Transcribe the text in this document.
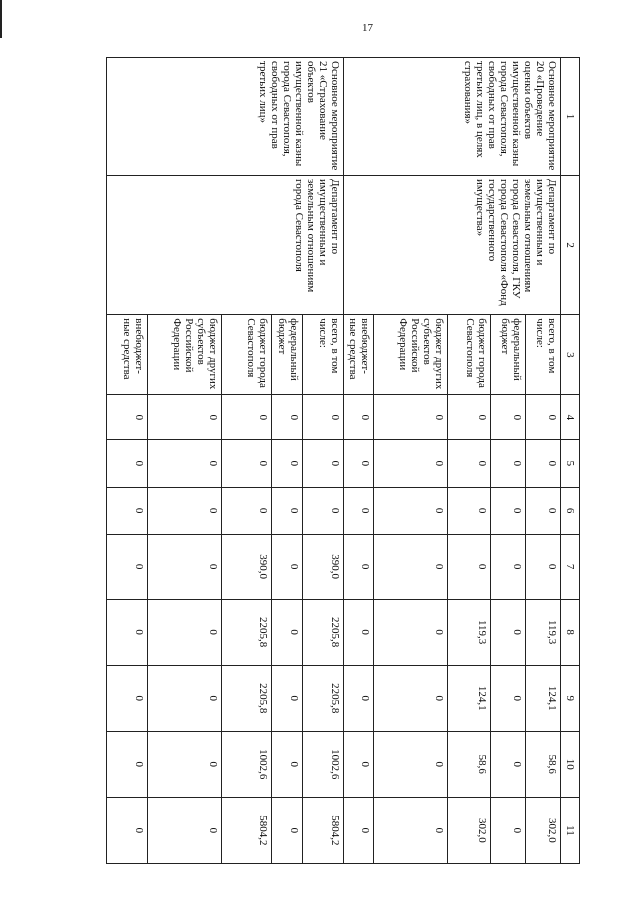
17
1	2	3	4	5	6	7	8	9	10	11
Основное мероприятие 20 «Проведение оценки объектов имущественной казны города Севастополя, свободных от прав третьих лиц, в целях страхования»	Департамент по имущественным и земельным отношениям города Севастополя, ГКУ города Севастополя «Фонд государственного имущества»	всего, в том числе:	0	0	0	0	119,3	124,1	58,6	302,0
		федеральный бюджет	0	0	0	0	0	0	0	0
		бюджет города Севастополя	0	0	0	0	119,3	124,1	58,6	302,0
		бюджет других субъектов Российской Федерации	0	0	0	0	0	0	0	0
		внебюджет-ные средства	0	0	0	0	0	0	0	0
Основное мероприятие 21 «Страхование объектов имущественной казны города Севастополя, свободных от прав третьих лиц»	Департамент по имущественным и земельным отношениям города Севастополя	всего, в том числе:	0	0	0	390,0	2205,8	2205,8	1002,6	5804,2
		федеральный бюджет	0	0	0	0	0	0	0	0
		бюджет города Севастополя	0	0	0	390,0	2205,8	2205,8	1002,6	5804,2
		бюджет других субъектов Российской Федерации	0	0	0	0	0	0	0	0
		внебюджет-ные средства	0	0	0	0	0	0	0	0
